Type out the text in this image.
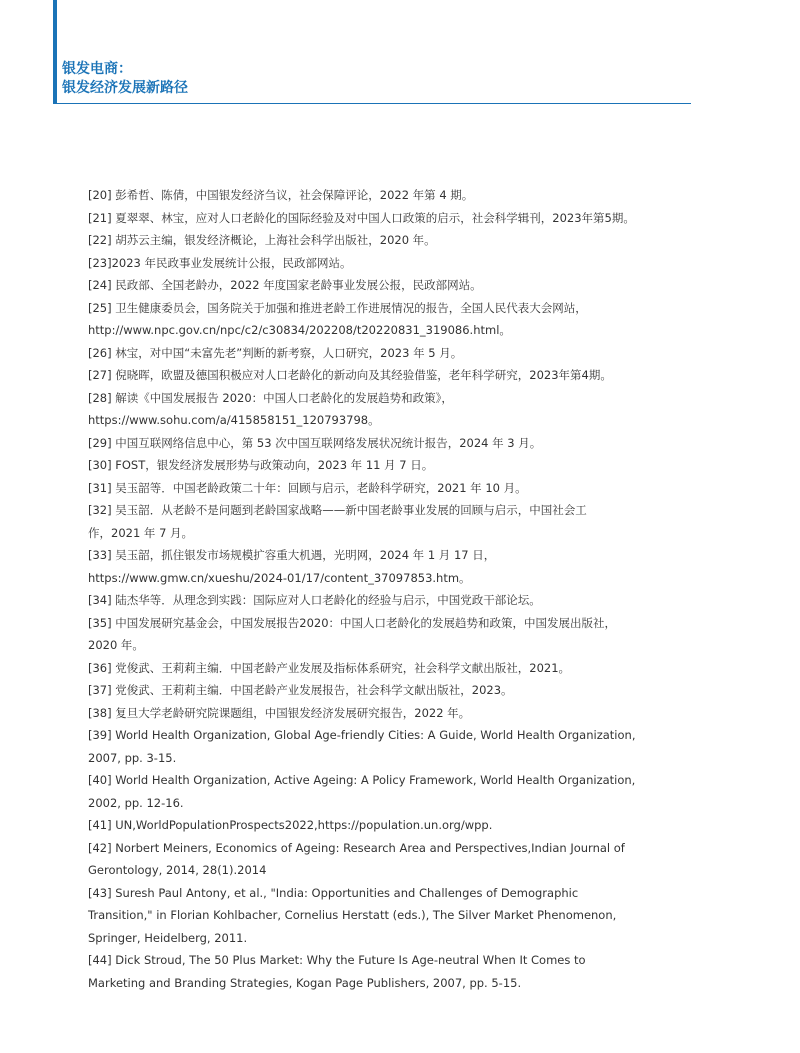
银发电商：
银发经济发展新路径
[20] 彭希哲、陈倩，中国银发经济刍议，社会保障评论，2022 年第 4 期。
[21] 夏翠翠、林宝，应对人口老龄化的国际经验及对中国人口政策的启示，社会科学辑刊，2023年第5期。
[22] 胡苏云主编，银发经济概论，上海社会科学出版社，2020 年。
[23]2023 年民政事业发展统计公报，民政部网站。
[24] 民政部、全国老龄办，2022 年度国家老龄事业发展公报，民政部网站。
[25] 卫生健康委员会，国务院关于加强和推进老龄工作进展情况的报告，全国人民代表大会网站，
http://www.npc.gov.cn/npc/c2/c30834/202208/t20220831_319086.html。
[26] 林宝，对中国“未富先老”判断的新考察，人口研究，2023 年 5 月。
[27] 倪晓晖，欧盟及德国积极应对人口老龄化的新动向及其经验借鉴，老年科学研究，2023年第4期。
[28] 解读《中国发展报告 2020：中国人口老龄化的发展趋势和政策》，
https://www.sohu.com/a/415858151_120793798。
[29] 中国互联网络信息中心，第 53 次中国互联网络发展状况统计报告，2024 年 3 月。
[30] FOST，银发经济发展形势与政策动向，2023 年 11 月 7 日。
[31] 吴玉韶等．中国老龄政策二十年：回顾与启示，老龄科学研究，2021 年 10 月。
[32] 吴玉韶．从老龄不是问题到老龄国家战略——新中国老龄事业发展的回顾与启示，中国社会工
作，2021 年 7 月。
[33] 吴玉韶，抓住银发市场规模扩容重大机遇，光明网，2024 年 1 月 17 日，
https://www.gmw.cn/xueshu/2024-01/17/content_37097853.htm。
[34] 陆杰华等．从理念到实践：国际应对人口老龄化的经验与启示，中国党政干部论坛。
[35] 中国发展研究基金会，中国发展报告2020：中国人口老龄化的发展趋势和政策，中国发展出版社，
2020 年。
[36] 党俊武、王莉莉主编．中国老龄产业发展及指标体系研究，社会科学文献出版社，2021。
[37] 党俊武、王莉莉主编．中国老龄产业发展报告，社会科学文献出版社，2023。
[38] 复旦大学老龄研究院课题组，中国银发经济发展研究报告，2022 年。
[39] World Health Organization, Global Age-friendly Cities: A Guide, World Health Organization,
2007, pp. 3-15.
[40] World Health Organization, Active Ageing: A Policy Framework, World Health Organization,
2002, pp. 12-16.
[41] UN,WorldPopulationProspects2022,https://population.un.org/wpp.
[42] Norbert Meiners, Economics of Ageing: Research Area and Perspectives,Indian Journal of
Gerontology, 2014, 28(1).2014
[43] Suresh Paul Antony, et al., "India: Opportunities and Challenges of Demographic
Transition," in Florian Kohlbacher, Cornelius Herstatt (eds.), The Silver Market Phenomenon,
Springer, Heidelberg, 2011.
[44] Dick Stroud, The 50 Plus Market: Why the Future Is Age-neutral When It Comes to
Marketing and Branding Strategies, Kogan Page Publishers, 2007, pp. 5-15.
